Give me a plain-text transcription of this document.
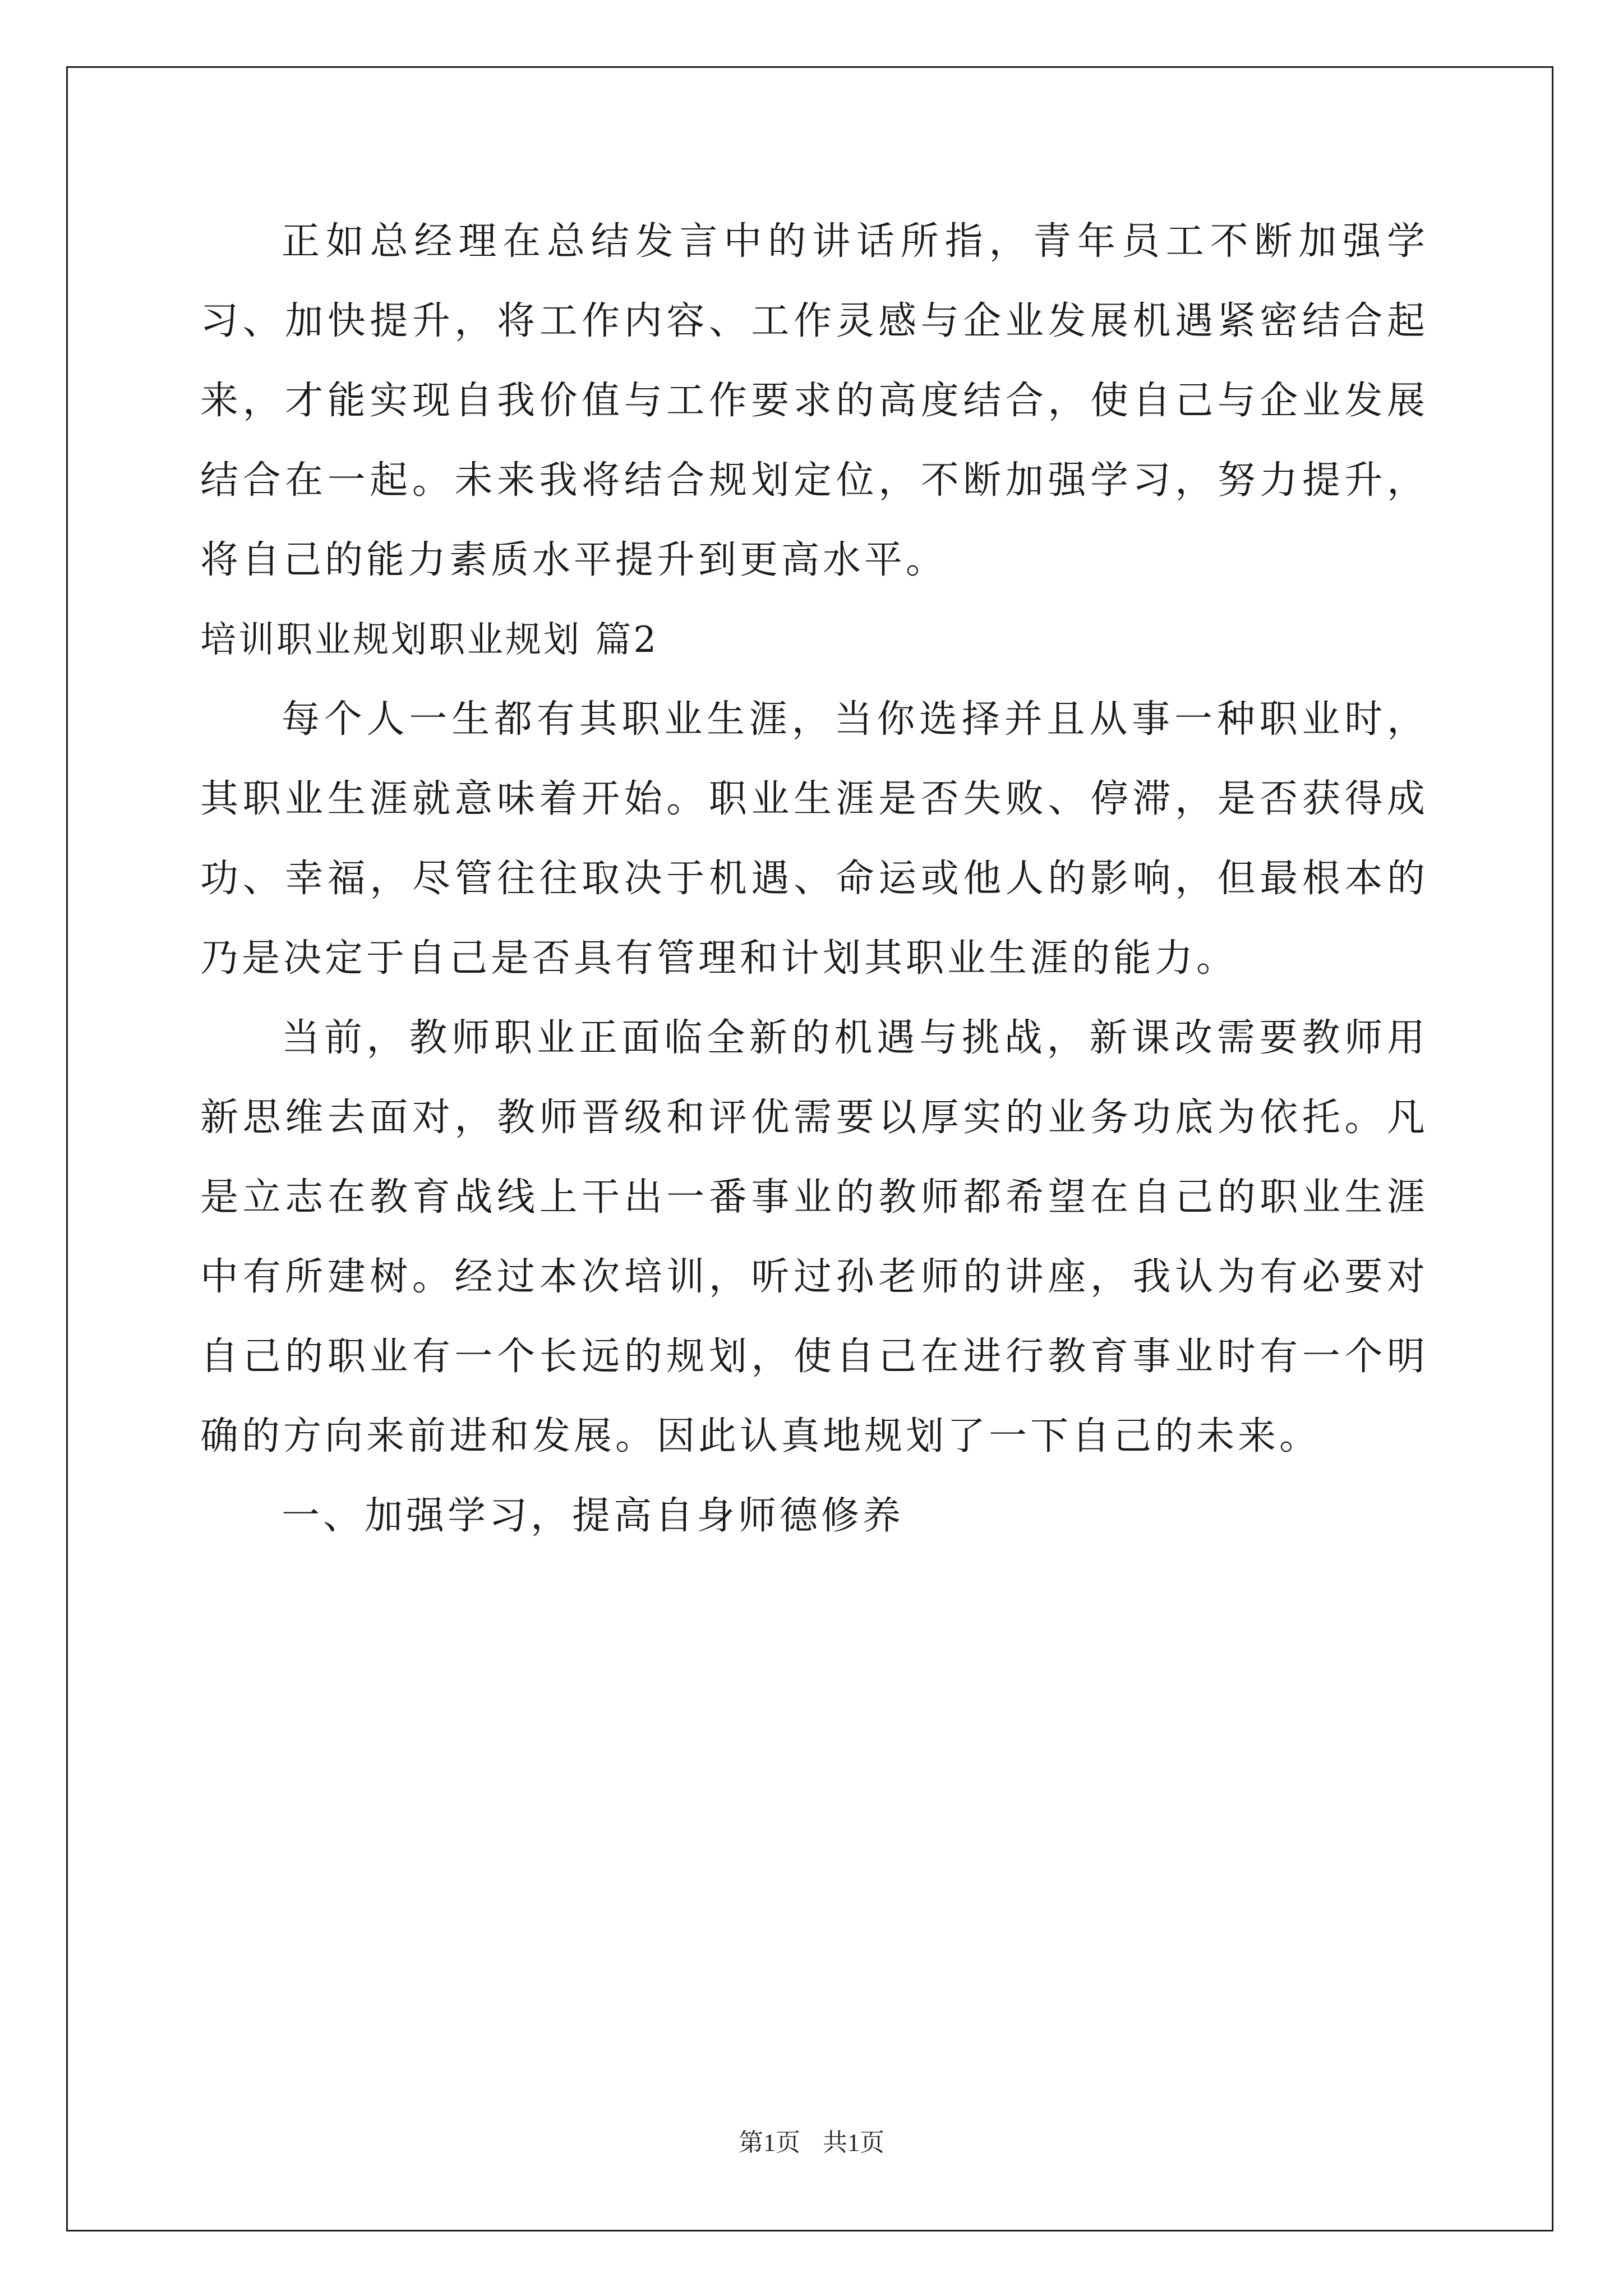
正如总经理在总结发言中的讲话所指，青年员工不断加强学习、加快提升，将工作内容、工作灵感与企业发展机遇紧密结合起来，才能实现自我价值与工作要求的高度结合，使自己与企业发展结合在一起。未来我将结合规划定位，不断加强学习，努力提升，将自己的能力素质水平提升到更高水平。

培训职业规划职业规划 篇2

每个人一生都有其职业生涯，当你选择并且从事一种职业时，其职业生涯就意味着开始。职业生涯是否失败、停滞，是否获得成功、幸福，尽管往往取决于机遇、命运或他人的影响，但最根本的乃是决定于自己是否具有管理和计划其职业生涯的能力。

当前，教师职业正面临全新的机遇与挑战，新课改需要教师用新思维去面对，教师晋级和评优需要以厚实的业务功底为依托。凡是立志在教育战线上干出一番事业的教师都希望在自己的职业生涯中有所建树。经过本次培训，听过孙老师的讲座，我认为有必要对自己的职业有一个长远的规划，使自己在进行教育事业时有一个明确的方向来前进和发展。因此认真地规划了一下自己的未来。

一、加强学习，提高自身师德修养

第1页 共1页
